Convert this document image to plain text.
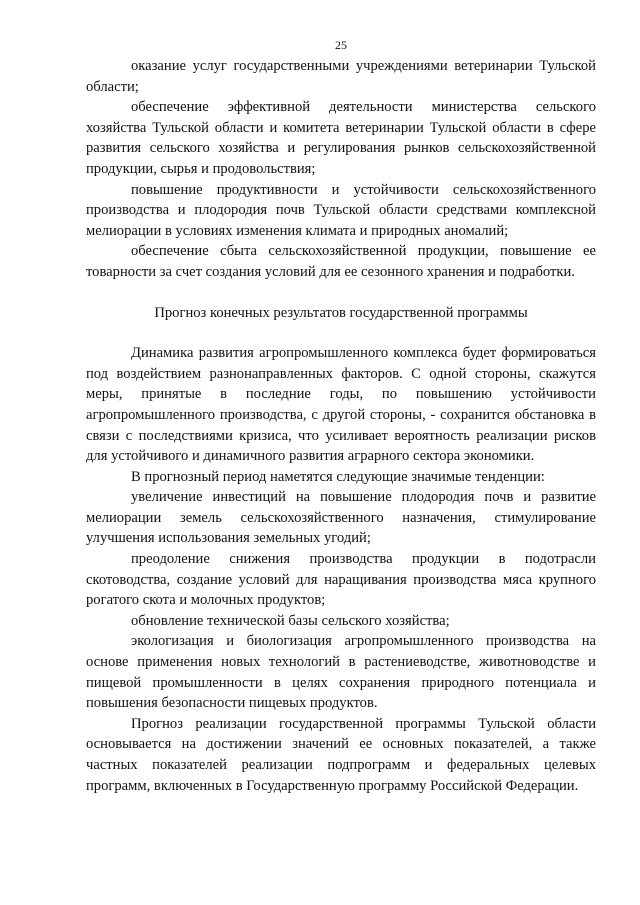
25

оказание услуг государственными учреждениями ветеринарии Тульской области;

обеспечение эффективной деятельности министерства сельского хозяйства Тульской области и комитета ветеринарии Тульской области в сфере развития сельского хозяйства и регулирования рынков сельскохозяйственной продукции, сырья и продовольствия;

повышение продуктивности и устойчивости сельскохозяйственного производства и плодородия почв Тульской области средствами комплексной мелиорации в условиях изменения климата и природных аномалий;

обеспечение сбыта сельскохозяйственной продукции, повышение ее товарности за счет создания условий для ее сезонного хранения и подработки.

Прогноз конечных результатов государственной программы

Динамика развития агропромышленного комплекса будет формироваться под воздействием разнонаправленных факторов. С одной стороны, скажутся меры, принятые в последние годы, по повышению устойчивости агропромышленного производства, с другой стороны, - сохранится обстановка в связи с последствиями кризиса, что усиливает вероятность реализации рисков для устойчивого и динамичного развития аграрного сектора экономики.

В прогнозный период наметятся следующие значимые тенденции:

увеличение инвестиций на повышение плодородия почв и развитие мелиорации земель сельскохозяйственного назначения, стимулирование улучшения использования земельных угодий;

преодоление снижения производства продукции в подотрасли скотоводства, создание условий для наращивания производства мяса крупного рогатого скота и молочных продуктов;

обновление технической базы сельского хозяйства;

экологизация и биологизация агропромышленного производства на основе применения новых технологий в растениеводстве, животноводстве и пищевой промышленности в целях сохранения природного потенциала и повышения безопасности пищевых продуктов.

Прогноз реализации государственной программы Тульской области основывается на достижении значений ее основных показателей, а также частных показателей реализации подпрограмм и федеральных целевых программ, включенных в Государственную программу Российской Федерации.
